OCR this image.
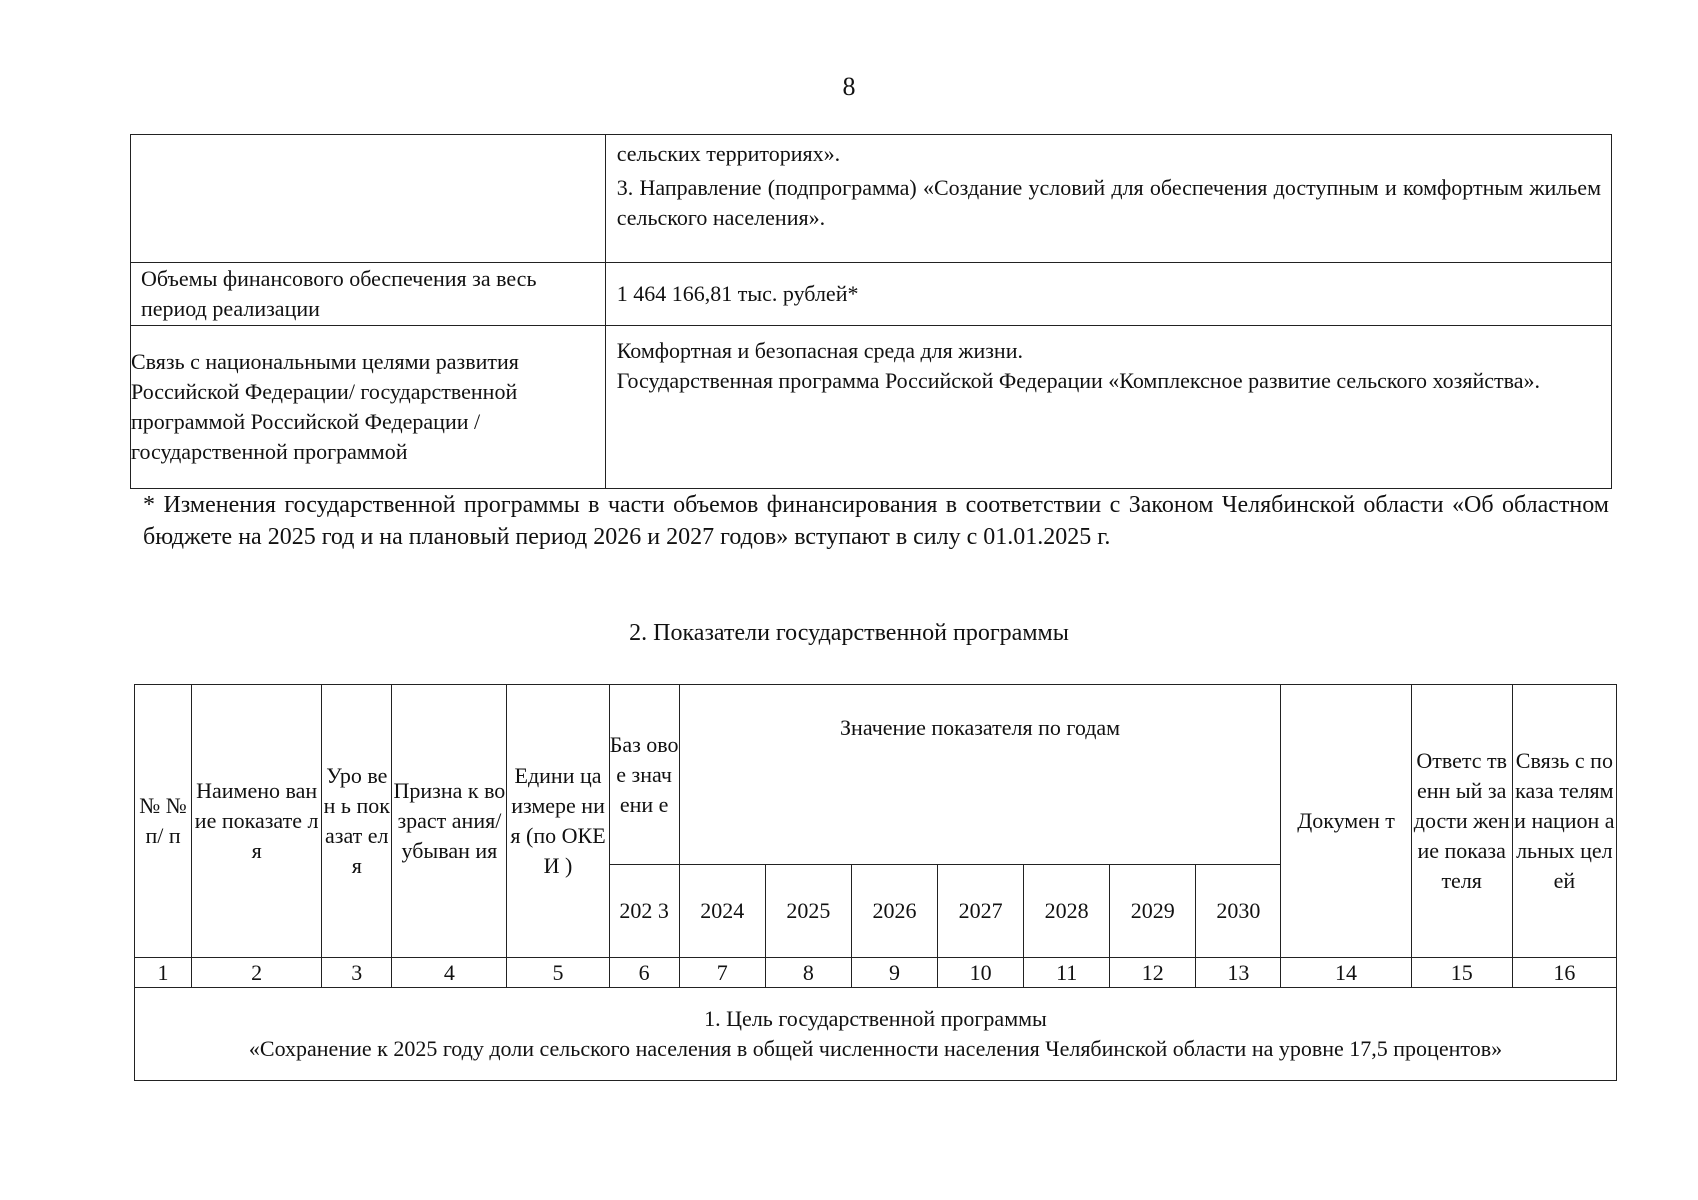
8

	сельских территориях».
3. Направление (подпрограмма) «Создание условий для обеспечения доступным и комфортным жильем сельского населения».

Объемы финансового обеспечения за весь период реализации	1 464 166,81 тыс. рублей*
Связь с национальными целями развития Российской Федерации/ государственной программой Российской Федерации /государственной программой	Комфортная и безопасная среда для жизни.
Государственная программа Российской Федерации «Комплексное развитие сельского хозяйства».
* Изменения государственной программы в части объемов финансирования в соответствии с Законом Челябинской области «Об областном бюджете на 2025 год и на плановый период 2026 и 2027 годов» вступают в силу с 01.01.2025 г.
2. Показатели государственной программы
№ № п/ п	Наимено вание показате ля	Уро вен ь пок азат еля	Призна к возраст ания/ убыван ия	Едини ца измере ния (по ОКЕИ )	Баз ово е знач ени е	Значение показателя по годам							Докумен т	Ответс твенн ый за дости жение показа теля	Связь с показа телями национ альных целей

					202 3	2024	2025	2026	2027	2028	2029	2030			
1	2	3	4	5	6	7	8	9	10	11	12	13	14	15	16

1. Цель государственной программы
«Сохранение к 2025 году доли сельского населения в общей численности населения Челябинской области на уровне 17,5 процентов»															
